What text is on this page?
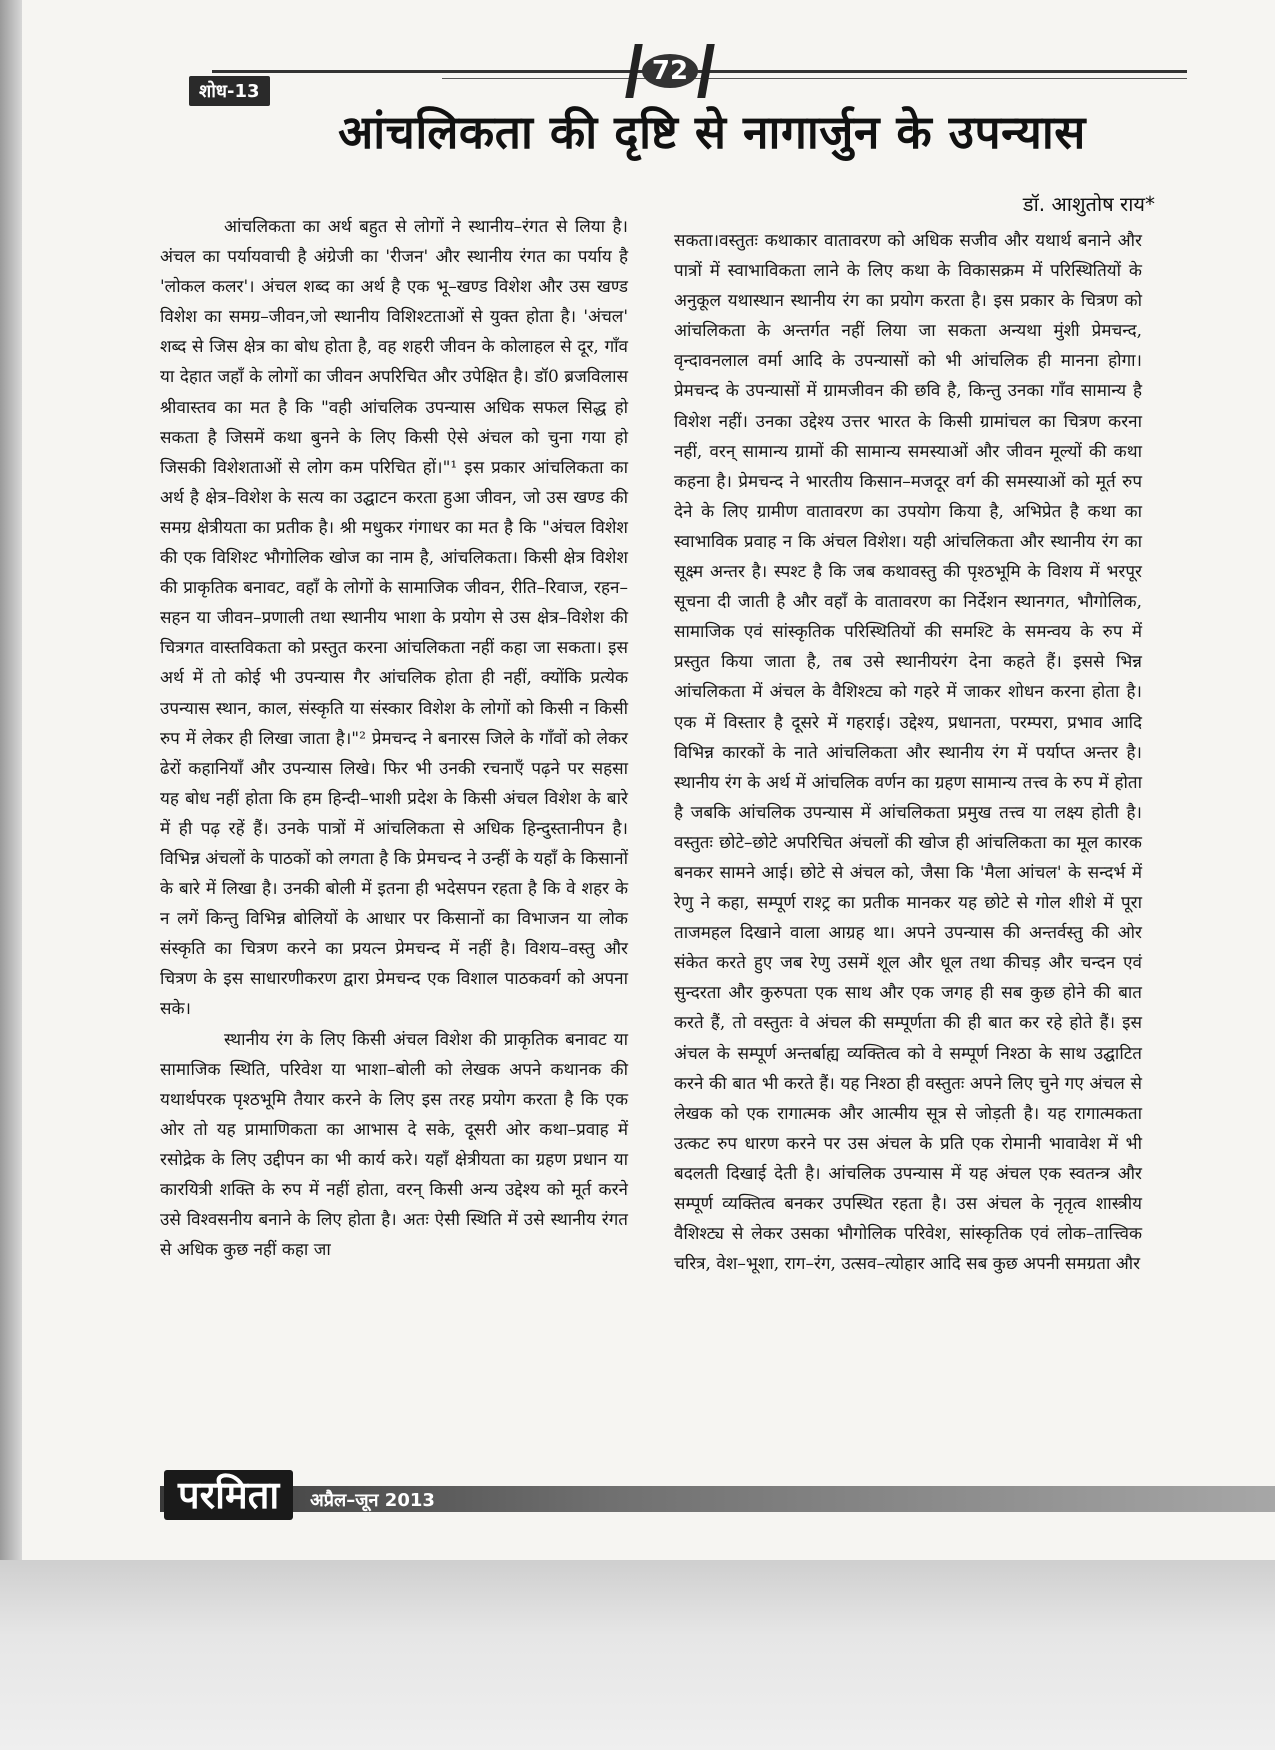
72
शोध-13
आंचलिकता की दृष्टि से नागार्जुन के उपन्यास
डॉ. आशुतोष राय*

आंचलिकता का अर्थ बहुत से लोगों ने स्थानीय–रंगत से लिया है। अंचल का पर्यायवाची है अंग्रेजी का 'रीजन' और स्थानीय रंगत का पर्याय है 'लोकल कलर'। अंचल शब्द का अर्थ है एक भू–खण्ड विशेश और उस खण्ड विशेश का समग्र–जीवन,जो स्थानीय विशिश्टताओं से युक्त होता है। 'अंचल' शब्द से जिस क्षेत्र का बोध होता है, वह शहरी जीवन के कोलाहल से दूर, गाँव या देहात जहाँ के लोगों का जीवन अपरिचित और उपेक्षित है। डॉ0 ब्रजविलास श्रीवास्तव का मत है कि "वही आंचलिक उपन्यास अधिक सफल सिद्ध हो सकता है जिसमें कथा बुनने के लिए किसी ऐसे अंचल को चुना गया हो जिसकी विशेशताओं से लोग कम परिचित हों।"¹ इस प्रकार आंचलिकता का अर्थ है क्षेत्र–विशेश के सत्य का उद्घाटन करता हुआ जीवन, जो उस खण्ड की समग्र क्षेत्रीयता का प्रतीक है। श्री मधुकर गंगाधर का मत है कि "अंचल विशेश की एक विशिश्ट भौगोलिक खोज का नाम है, आंचलिकता। किसी क्षेत्र विशेश की प्राकृतिक बनावट, वहाँ के लोगों के सामाजिक जीवन, रीति–रिवाज, रहन–सहन या जीवन–प्रणाली तथा स्थानीय भाशा के प्रयोग से उस क्षेत्र–विशेश की चित्रगत वास्तविकता को प्रस्तुत करना आंचलिकता नहीं कहा जा सकता। इस अर्थ में तो कोई भी उपन्यास गैर आंचलिक होता ही नहीं, क्योंकि प्रत्येक उपन्यास स्थान, काल, संस्कृति या संस्कार विशेश के लोगों को किसी न किसी रुप में लेकर ही लिखा जाता है।"² प्रेमचन्द ने बनारस जिले के गाँवों को लेकर ढेरों कहानियाँ और उपन्यास लिखे। फिर भी उनकी रचनाएँ पढ़ने पर सहसा यह बोध नहीं होता कि हम हिन्दी–भाशी प्रदेश के किसी अंचल विशेश के बारे में ही पढ़ रहें हैं। उनके पात्रों में आंचलिकता से अधिक हिन्दुस्तानीपन है। विभिन्न अंचलों के पाठकों को लगता है कि प्रेमचन्द ने उन्हीं के यहाँ के किसानों के बारे में लिखा है। उनकी बोली में इतना ही भदेसपन रहता है कि वे शहर के न लगें किन्तु विभिन्न बोलियों के आधार पर किसानों का विभाजन या लोक संस्कृति का चित्रण करने का प्रयत्न प्रेमचन्द में नहीं है। विशय–वस्तु और चित्रण के इस साधारणीकरण द्वारा प्रेमचन्द एक विशाल पाठकवर्ग को अपना सके।

स्थानीय रंग के लिए किसी अंचल विशेश की प्राकृतिक बनावट या सामाजिक स्थिति, परिवेश या भाशा–बोली को लेखक अपने कथानक की यथार्थपरक पृश्ठभूमि तैयार करने के लिए इस तरह प्रयोग करता है कि एक ओर तो यह प्रामाणिकता का आभास दे सके, दूसरी ओर कथा–प्रवाह में रसोद्रेक के लिए उद्दीपन का भी कार्य करे। यहाँ क्षेत्रीयता का ग्रहण प्रधान या कारयित्री शक्ति के रुप में नहीं होता, वरन् किसी अन्य उद्देश्य को मूर्त करने उसे विश्वसनीय बनाने के लिए होता है। अतः ऐसी स्थिति में उसे स्थानीय रंगत से अधिक कुछ नहीं कहा जा

सकता।वस्तुतः कथाकार वातावरण को अधिक सजीव और यथार्थ बनाने और पात्रों में स्वाभाविकता लाने के लिए कथा के विकासक्रम में परिस्थितियों के अनुकूल यथास्थान स्थानीय रंग का प्रयोग करता है। इस प्रकार के चित्रण को आंचलिकता के अन्तर्गत नहीं लिया जा सकता अन्यथा मुंशी प्रेमचन्द, वृन्दावनलाल वर्मा आदि के उपन्यासों को भी आंचलिक ही मानना होगा। प्रेमचन्द के उपन्यासों में ग्रामजीवन की छवि है, किन्तु उनका गाँव सामान्य है विशेश नहीं। उनका उद्देश्य उत्तर भारत के किसी ग्रामांचल का चित्रण करना नहीं, वरन् सामान्य ग्रामों की सामान्य समस्याओं और जीवन मूल्यों की कथा कहना है। प्रेमचन्द ने भारतीय किसान–मजदूर वर्ग की समस्याओं को मूर्त रुप देने के लिए ग्रामीण वातावरण का उपयोग किया है, अभिप्रेत है कथा का स्वाभाविक प्रवाह न कि अंचल विशेश। यही आंचलिकता और स्थानीय रंग का सूक्ष्म अन्तर है। स्पश्ट है कि जब कथावस्तु की पृश्ठभूमि के विशय में भरपूर सूचना दी जाती है और वहाँ के वातावरण का निर्देशन स्थानगत, भौगोलिक, सामाजिक एवं सांस्कृतिक परिस्थितियों की समश्टि के समन्वय के रुप में प्रस्तुत किया जाता है, तब उसे स्थानीयरंग देना कहते हैं। इससे भिन्न आंचलिकता में अंचल के वैशिश्ट्य को गहरे में जाकर शोधन करना होता है। एक में विस्तार है दूसरे में गहराई। उद्देश्य, प्रधानता, परम्परा, प्रभाव आदि विभिन्न कारकों के नाते आंचलिकता और स्थानीय रंग में पर्याप्त अन्तर है। स्थानीय रंग के अर्थ में आंचलिक वर्णन का ग्रहण सामान्य तत्त्व के रुप में होता है जबकि आंचलिक उपन्यास में आंचलिकता प्रमुख तत्त्व या लक्ष्य होती है। वस्तुतः छोटे–छोटे अपरिचित अंचलों की खोज ही आंचलिकता का मूल कारक बनकर सामने आई। छोटे से अंचल को, जैसा कि 'मैला आंचल' के सन्दर्भ में रेणु ने कहा, सम्पूर्ण राश्ट्र का प्रतीक मानकर यह छोटे से गोल शीशे में पूरा ताजमहल दिखाने वाला आग्रह था। अपने उपन्यास की अन्तर्वस्तु की ओर संकेत करते हुए जब रेणु उसमें शूल और धूल तथा कीचड़ और चन्दन एवं सुन्दरता और कुरुपता एक साथ और एक जगह ही सब कुछ होने की बात करते हैं, तो वस्तुतः वे अंचल की सम्पूर्णता की ही बात कर रहे होते हैं। इस अंचल के सम्पूर्ण अन्तर्बाह्य व्यक्तित्व को वे सम्पूर्ण निश्ठा के साथ उद्घाटित करने की बात भी करते हैं। यह निश्ठा ही वस्तुतः अपने लिए चुने गए अंचल से लेखक को एक रागात्मक और आत्मीय सूत्र से जोड़ती है। यह रागात्मकता उत्कट रुप धारण करने पर उस अंचल के प्रति एक रोमानी भावावेश में भी बदलती दिखाई देती है। आंचलिक उपन्यास में यह अंचल एक स्वतन्त्र और सम्पूर्ण व्यक्तित्व बनकर उपस्थित रहता है। उस अंचल के नृतृत्व शास्त्रीय वैशिश्ट्य से लेकर उसका भौगोलिक परिवेश, सांस्कृतिक एवं लोक–तात्त्विक चरित्र, वेश–भूशा, राग–रंग, उत्सव–त्योहार आदि सब कुछ अपनी समग्रता और

परमिता	अप्रैल–जून 2013
